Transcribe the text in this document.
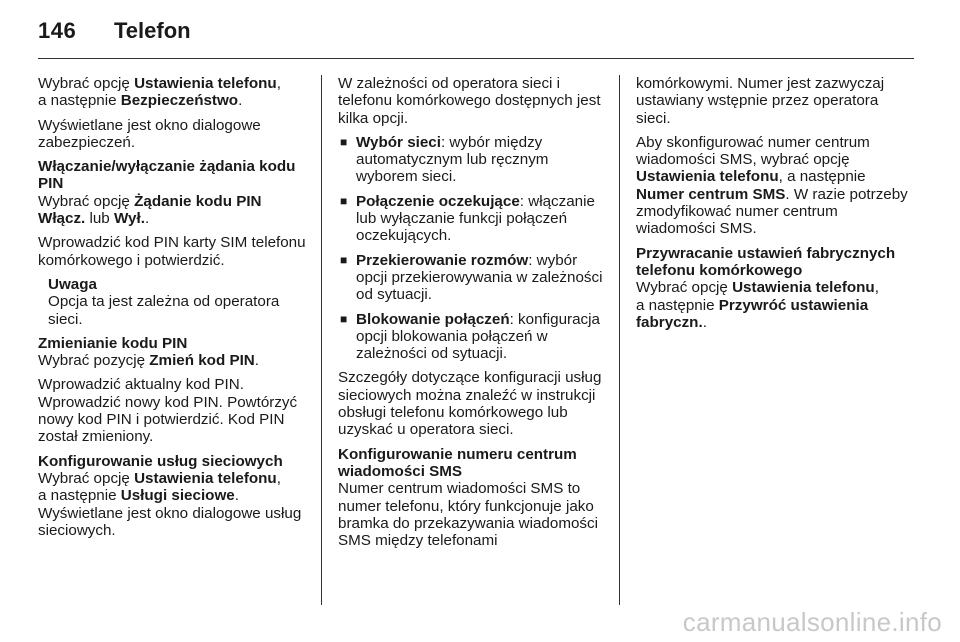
146 Telefon

Wybrać opcję Ustawienia telefonu,
a następnie Bezpieczeństwo.

Wyświetlane jest okno dialogowe zabezpieczeń.

Włączanie/wyłączanie żądania kodu PIN

Wybrać opcję Żądanie kodu PIN
Włącz. lub Wył..

Wprowadzić kod PIN karty SIM telefonu komórkowego i potwierdzić.

Uwaga
Opcja ta jest zależna od operatora sieci.
Zmienianie kodu PIN

Wybrać pozycję Zmień kod PIN.

Wprowadzić aktualny kod PIN. Wprowadzić nowy kod PIN. Powtórzyć nowy kod PIN i potwierdzić. Kod PIN został zmieniony.

Konfigurowanie usług sieciowych

Wybrać opcję Ustawienia telefonu,
a następnie Usługi sieciowe.

Wyświetlane jest okno dialogowe usług sieciowych.

W zależności od operatora sieci i telefonu komórkowego dostępnych jest kilka opcji.

■ Wybór sieci: wybór między automatycznym lub ręcznym wyborem sieci.
■ Połączenie oczekujące: włączanie lub wyłączanie funkcji połączeń oczekujących.
■ Przekierowanie rozmów: wybór opcji przekierowywania w zależności od sytuacji.
■ Blokowanie połączeń: konfiguracja opcji blokowania połączeń w zależności od sytuacji.

Szczegóły dotyczące konfiguracji usług sieciowych można znaleźć w instrukcji obsługi telefonu komórkowego lub uzyskać u operatora sieci.

Konfigurowanie numeru centrum wiadomości SMS

Numer centrum wiadomości SMS to numer telefonu, który funkcjonuje jako bramka do przekazywania wiadomości SMS między telefonami

komórkowymi. Numer jest zazwyczaj ustawiany wstępnie przez operatora sieci.

Aby skonfigurować numer centrum wiadomości SMS, wybrać opcję Ustawienia telefonu, a następnie Numer centrum SMS. W razie potrzeby zmodyfikować numer centrum wiadomości SMS.

Przywracanie ustawień fabrycznych telefonu komórkowego

Wybrać opcję Ustawienia telefonu,
a następnie Przywróć ustawienia fabryczn..

carmanualsonline.info
